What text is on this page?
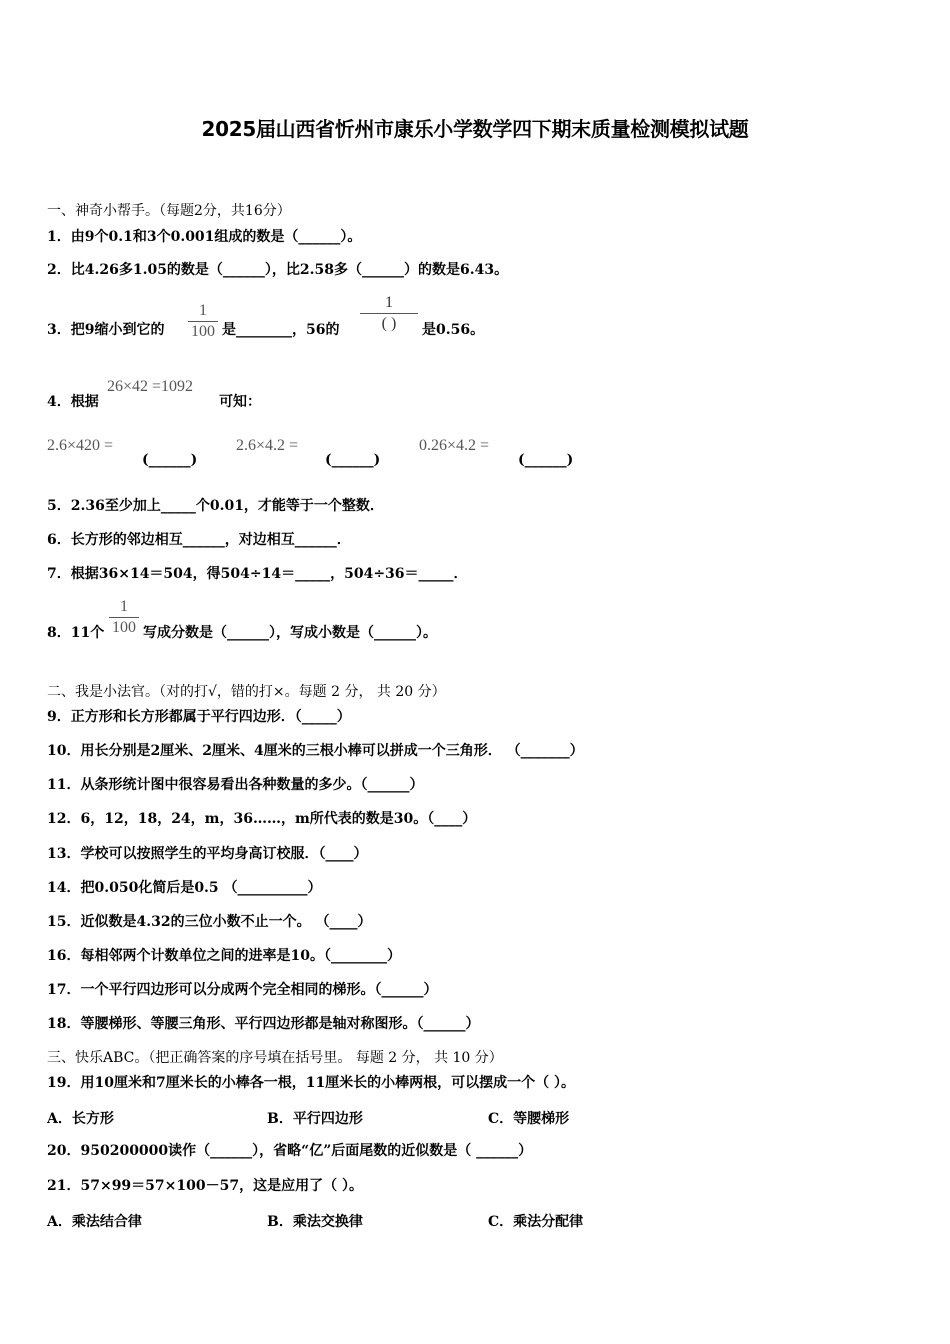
2025届山西省忻州市康乐小学数学四下期末质量检测模拟试题
一、神奇小帮手。（每题2分，共16分）
1．由9个0.1和3个0.001组成的数是（______）。
2．比4.26多1.05的数是（______），比2.58多（______）的数是6.43。
3．把9缩小到它的
1
100 是________，56的
1
( )	是0.56。
4．根据
26×42 =1092
可知：
2.6×420 =
(______)
2.6×4.2 =
(______)
0.26×4.2 =
(______)
5．2.36至少加上_____个0.01，才能等于一个整数．
6．长方形的邻边相互______，对边相互______．
7．根据36×14＝504，得504÷14＝_____，504÷36＝_____．
8．11个
1
100 写成分数是（______），写成小数是（______）。
二、我是小法官。（对的打√，错的打×。每题 2 分， 共 20 分）
9．正方形和长方形都属于平行四边形．（_____）
10．用长分别是2厘米、2厘米、4厘米的三根小棒可以拼成一个三角形． （_______）
11．从条形统计图中很容易看出各种数量的多少。（______）
12．6，12，18，24，m，36……，m所代表的数是30。（____）
13．学校可以按照学生的平均身高订校服．（____）
14．把0.050化简后是0.5 （__________）
15．近似数是4.32的三位小数不止一个。 （____）
16．每相邻两个计数单位之间的进率是10。（________）
17．一个平行四边形可以分成两个完全相同的梯形。（______）
18．等腰梯形、等腰三角形、平行四边形都是轴对称图形。（______）
三、快乐ABC。（把正确答案的序号填在括号里。 每题 2 分， 共 10 分）
19．用10厘米和7厘米长的小棒各一根，11厘米长的小棒两根，可以摆成一个（ ）。
A．长方形	B．平行四边形	C．等腰梯形
20．950200000读作（______），省略“亿”后面尾数的近似数是（ ______）
21．57×99＝57×100－57，这是应用了（ ）。
A．乘法结合律	B．乘法交换律	C．乘法分配律
